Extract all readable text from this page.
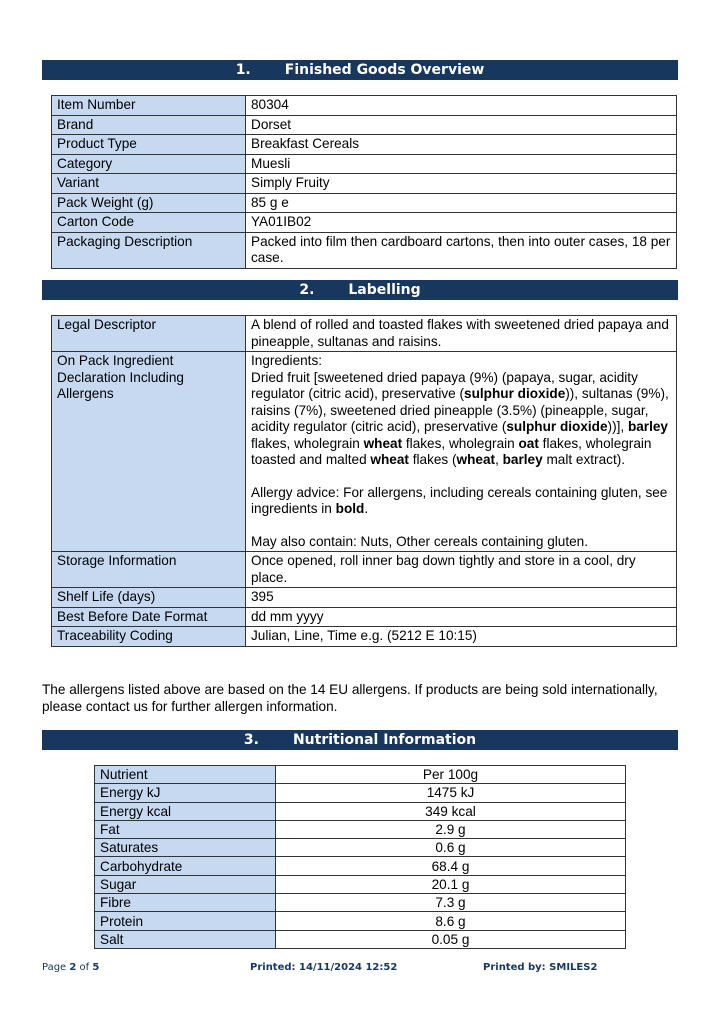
1. Finished Goods Overview
Item Number	80304
Brand	Dorset
Product Type	Breakfast Cereals
Category	Muesli
Variant	Simply Fruity
Pack Weight (g)	85 g e
Carton Code	YA01IB02
Packaging Description	Packed into film then cardboard cartons, then into outer cases, 18 per case.
2. Labelling
Legal Descriptor	A blend of rolled and toasted flakes with sweetened dried papaya and pineapple, sultanas and raisins.
On Pack Ingredient Declaration Including Allergens	Ingredients:

Dried fruit [sweetened dried papaya (9%) (papaya, sugar, acidity regulator (citric acid), preservative (sulphur dioxide)), sultanas (9%), raisins (7%), sweetened dried pineapple (3.5%) (pineapple, sugar, acidity regulator (citric acid), preservative (sulphur dioxide))], barley flakes, wholegrain wheat flakes, wholegrain oat flakes, wholegrain toasted and malted wheat flakes (wheat, barley malt extract).

Allergy advice: For allergens, including cereals containing gluten, see ingredients in bold.

May also contain: Nuts, Other cereals containing gluten.

Storage Information	Once opened, roll inner bag down tightly and store in a cool, dry place.
Shelf Life (days)	395
Best Before Date Format	dd mm yyyy
Traceability Coding	Julian, Line, Time e.g. (5212 E 10:15)
The allergens listed above are based on the 14 EU allergens. If products are being sold internationally, please contact us for further allergen information.
3. Nutritional Information
Nutrient	Per 100g
Energy kJ	1475 kJ
Energy kcal	349 kcal
Fat	2.9 g
Saturates	0.6 g
Carbohydrate	68.4 g
Sugar	20.1 g
Fibre	7.3 g
Protein	8.6 g
Salt	0.05 g
Page 2 of 5	Printed: 14/11/2024 12:52	Printed by: SMILES2
